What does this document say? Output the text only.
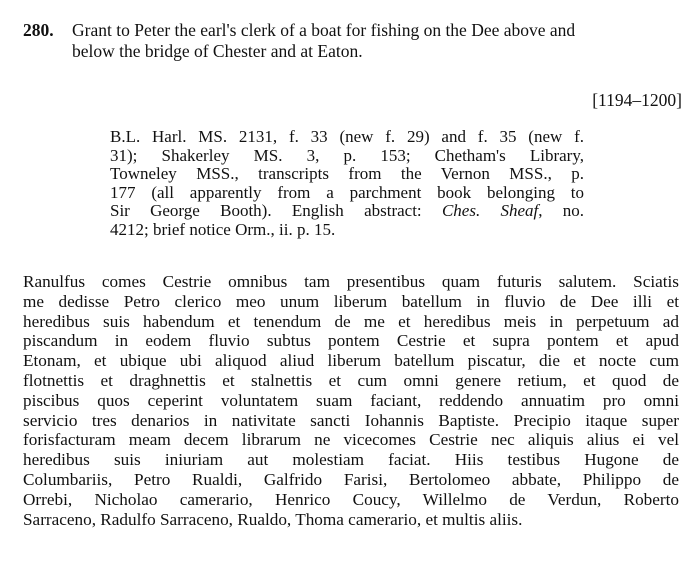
280. Grant to Peter the earl's clerk of a boat for fishing on the Dee above and
below the bridge of Chester and at Eaton.
[1194–1200]
B.L. Harl. MS. 2131, f. 33 (new f. 29) and f. 35 (new f.
31); Shakerley MS. 3, p. 153; Chetham's Library,
Towneley MSS., transcripts from the Vernon MSS., p.
177 (all apparently from a parchment book belonging to
Sir George Booth). English abstract: Ches. Sheaf, no.
4212; brief notice Orm., ii. p. 15.
Ranulfus comes Cestrie omnibus tam presentibus quam futuris salutem. Sciatis
me dedisse Petro clerico meo unum liberum batellum in fluvio de Dee illi et
heredibus suis habendum et tenendum de me et heredibus meis in perpetuum ad
piscandum in eodem fluvio subtus pontem Cestrie et supra pontem et apud
Etonam, et ubique ubi aliquod aliud liberum batellum piscatur, die et nocte cum
flotnettis et draghnettis et stalnettis et cum omni genere retium, et quod de
piscibus quos ceperint voluntatem suam faciant, reddendo annuatim pro omni
servicio tres denarios in nativitate sancti Iohannis Baptiste. Precipio itaque super
forisfacturam meam decem librarum ne vicecomes Cestrie nec aliquis alius ei vel
heredibus suis iniuriam aut molestiam faciat. Hiis testibus Hugone de
Columbariis, Petro Rualdi, Galfrido Farisi, Bertolomeo abbate, Philippo de
Orrebi, Nicholao camerario, Henrico Coucy, Willelmo de Verdun, Roberto
Sarraceno, Radulfo Sarraceno, Rualdo, Thoma camerario, et multis aliis.
